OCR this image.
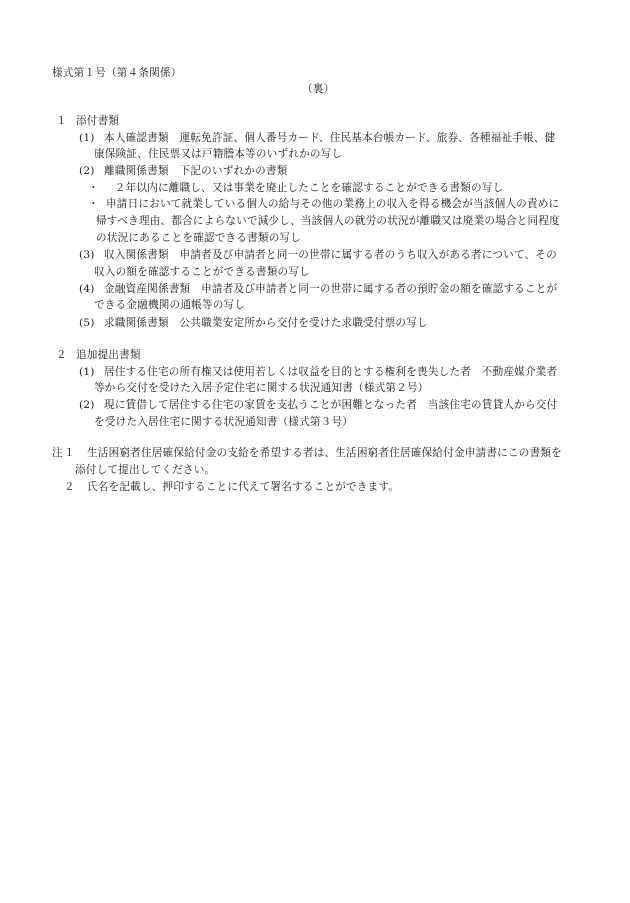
様式第１号（第４条関係）
（裏）
１ 添付書類
(1) 本人確認書類　運転免許証、個人番号カード、住民基本台帳カード、旅券、各種福祉手帳、健
康保険証、住民票又は戸籍謄本等のいずれかの写し
(2) 離職関係書類　下記のいずれかの書類
・ 　２年以内に離職し、又は事業を廃止したことを確認することができる書類の写し
・ 申請日において就業している個人の給与その他の業務上の収入を得る機会が当該個人の責めに
帰すべき理由、都合によらないで減少し、当該個人の就労の状況が離職又は廃業の場合と同程度
の状況にあることを確認できる書類の写し
(3) 収入関係書類　申請者及び申請者と同一の世帯に属する者のうち収入がある者について、その
収入の額を確認することができる書類の写し
(4) 金融資産関係書類　申請者及び申請者と同一の世帯に属する者の預貯金の額を確認することが
できる金融機関の通帳等の写し
(5) 求職関係書類　公共職業安定所から交付を受けた求職受付票の写し
２ 追加提出書類
(1) 居住する住宅の所有権又は使用若しくは収益を目的とする権利を喪失した者　不動産媒介業者
等から交付を受けた入居予定住宅に関する状況通知書（様式第２号）
(2) 現に賃借して居住する住宅の家賃を支払うことが困難となった者　当該住宅の賃貸人から交付
を受けた入居住宅に関する状況通知書（様式第３号）
注 １ 生活困窮者住居確保給付金の支給を希望する者は、生活困窮者住居確保給付金申請書にこの書類を
添付して提出してください。
２ 氏名を記載し、押印することに代えて署名することができます。
